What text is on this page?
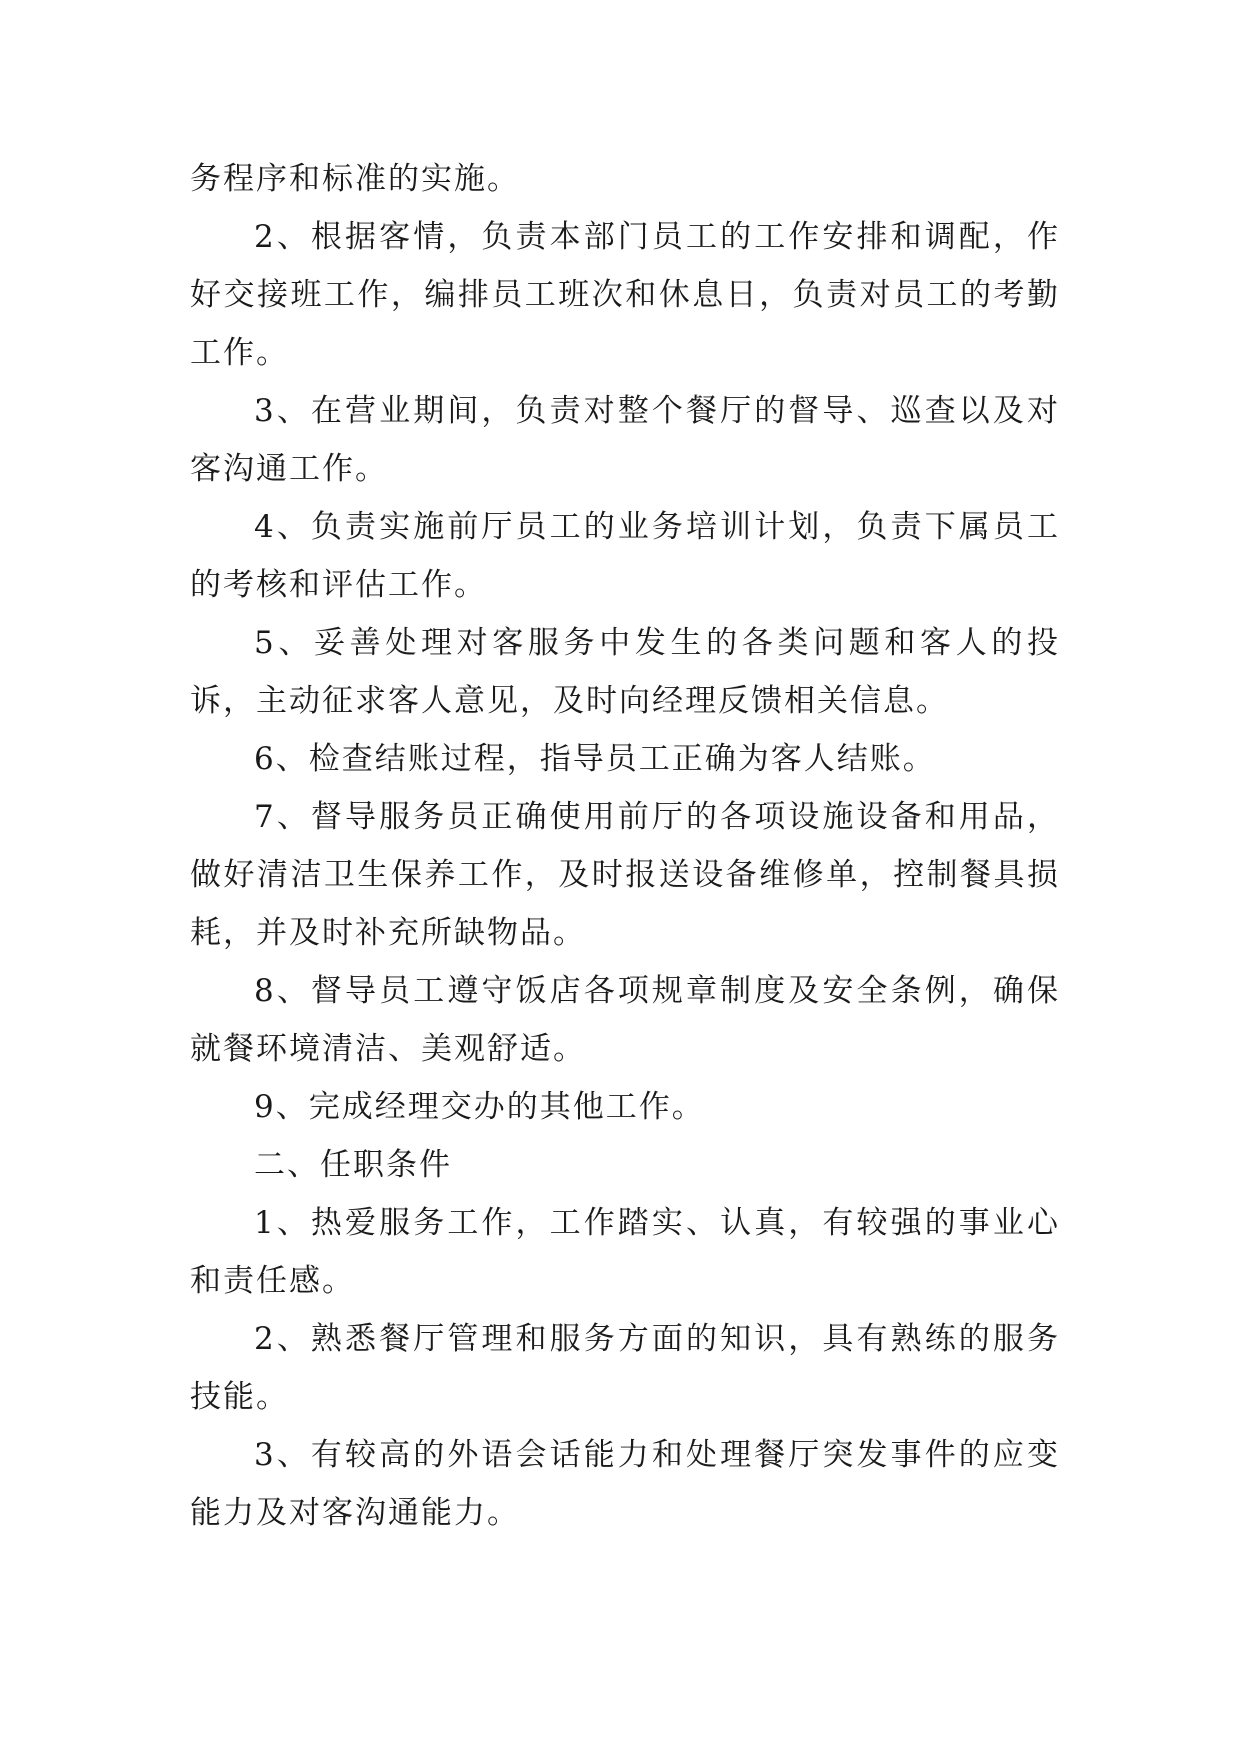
务程序和标准的实施。

2、根据客情，负责本部门员工的工作安排和调配，作好交接班工作，编排员工班次和休息日，负责对员工的考勤工作。

3、在营业期间，负责对整个餐厅的督导、巡查以及对客沟通工作。

4、负责实施前厅员工的业务培训计划，负责下属员工的考核和评估工作。

5、妥善处理对客服务中发生的各类问题和客人的投诉，主动征求客人意见，及时向经理反馈相关信息。

6、检查结账过程，指导员工正确为客人结账。

7、督导服务员正确使用前厅的各项设施设备和用品，做好清洁卫生保养工作，及时报送设备维修单，控制餐具损耗，并及时补充所缺物品。

8、督导员工遵守饭店各项规章制度及安全条例，确保就餐环境清洁、美观舒适。

9、完成经理交办的其他工作。

二、任职条件

1、热爱服务工作，工作踏实、认真，有较强的事业心和责任感。

2、熟悉餐厅管理和服务方面的知识，具有熟练的服务技能。

3、有较高的外语会话能力和处理餐厅突发事件的应变能力及对客沟通能力。
